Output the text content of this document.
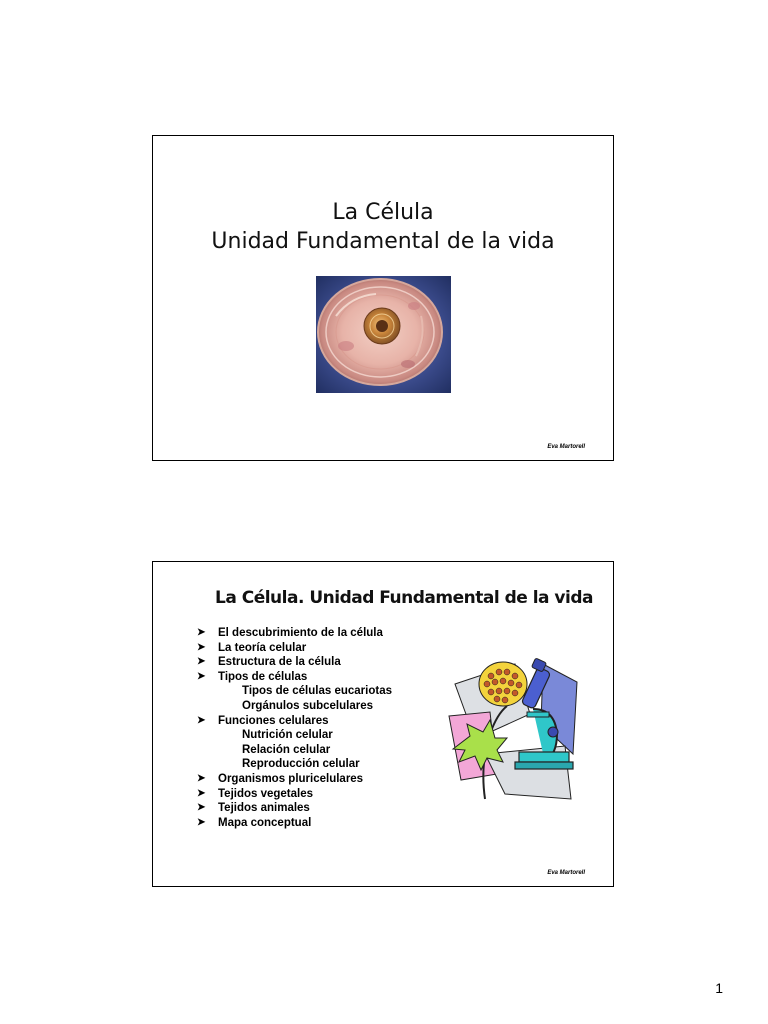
La Célula
Unidad Fundamental de la vida
Eva Martorell
La Célula. Unidad Fundamental de la vida
➤ El descubrimiento de la célula
➤ La teoría celular
➤ Estructura de la célula
➤ Tipos de células
Tipos de células eucariotas
Orgánulos subcelulares
➤ Funciones celulares
Nutrición celular
Relación celular
Reproducción celular
➤ Organismos pluricelulares
➤ Tejidos vegetales
➤ Tejidos animales
➤ Mapa conceptual
Eva Martorell
1
